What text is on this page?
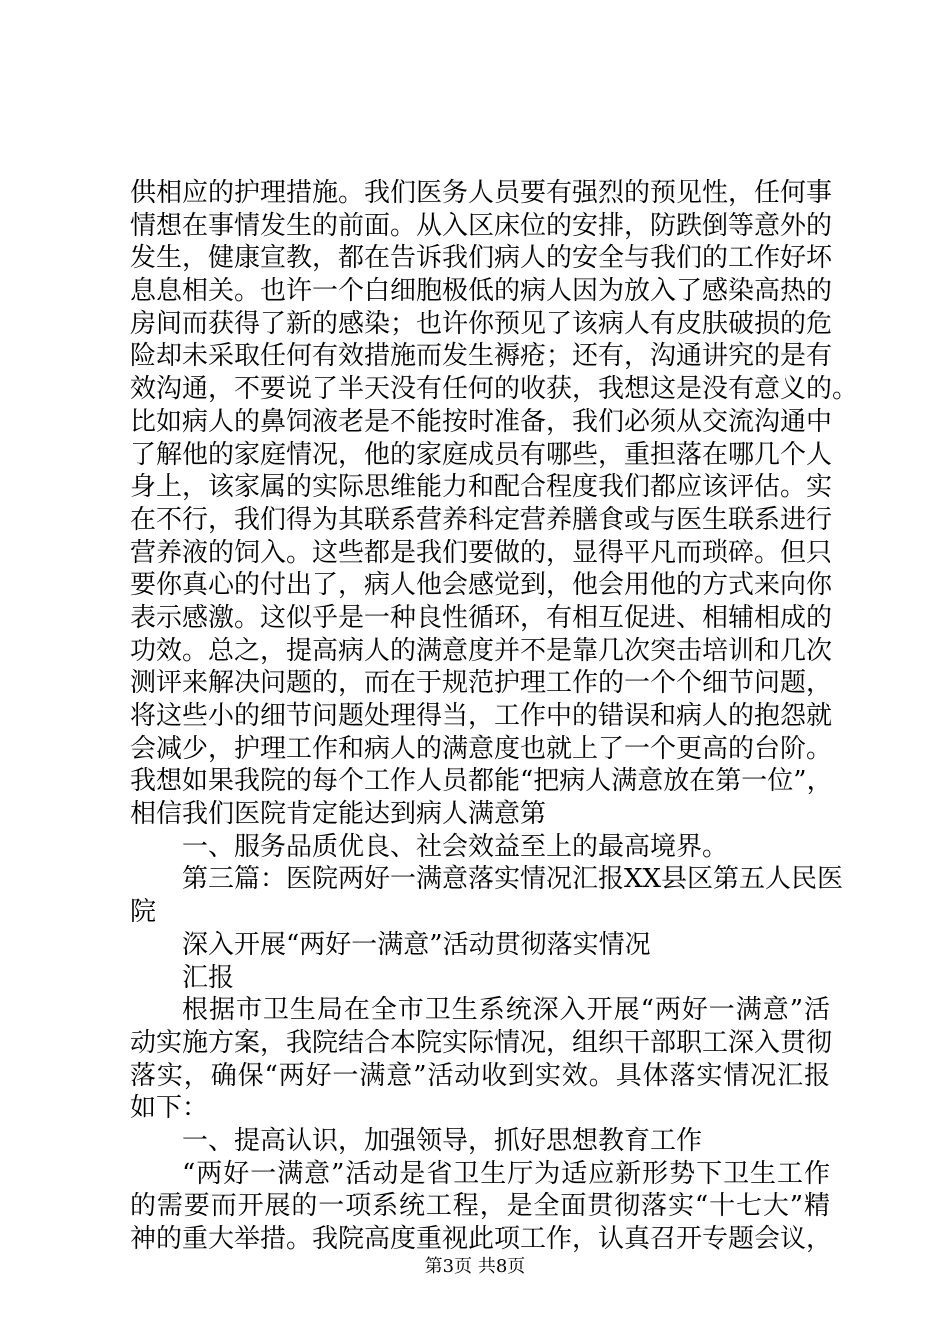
供相应的护理措施。我们医务人员要有强烈的预见性，任何事
情想在事情发生的前面。从入区床位的安排，防跌倒等意外的
发生，健康宣教，都在告诉我们病人的安全与我们的工作好坏
息息相关。也许一个白细胞极低的病人因为放入了感染高热的
房间而获得了新的感染；也许你预见了该病人有皮肤破损的危
险却未采取任何有效措施而发生褥疮；还有，沟通讲究的是有
效沟通，不要说了半天没有任何的收获，我想这是没有意义的。
比如病人的鼻饲液老是不能按时准备，我们必须从交流沟通中
了解他的家庭情况，他的家庭成员有哪些，重担落在哪几个人
身上，该家属的实际思维能力和配合程度我们都应该评估。实
在不行，我们得为其联系营养科定营养膳食或与医生联系进行
营养液的饲入。这些都是我们要做的，显得平凡而琐碎。但只
要你真心的付出了，病人他会感觉到，他会用他的方式来向你
表示感激。这似乎是一种良性循环，有相互促进、相辅相成的
功效。总之，提高病人的满意度并不是靠几次突击培训和几次
测评来解决问题的，而在于规范护理工作的一个个细节问题，
将这些小的细节问题处理得当，工作中的错误和病人的抱怨就
会减少，护理工作和病人的满意度也就上了一个更高的台阶。
我想如果我院的每个工作人员都能“把病人满意放在第一位”，
相信我们医院肯定能达到病人满意第
一、服务品质优良、社会效益至上的最高境界。
第三篇：医院两好一满意落实情况汇报XX县区第五人民医
院
深入开展“两好一满意”活动贯彻落实情况
汇报
根据市卫生局在全市卫生系统深入开展“两好一满意”活
动实施方案，我院结合本院实际情况，组织干部职工深入贯彻
落实，确保“两好一满意”活动收到实效。具体落实情况汇报
如下：
一、提高认识，加强领导，抓好思想教育工作
“两好一满意”活动是省卫生厅为适应新形势下卫生工作
的需要而开展的一项系统工程，是全面贯彻落实“十七大”精
神的重大举措。我院高度重视此项工作，认真召开专题会议，
第3页 共8页
